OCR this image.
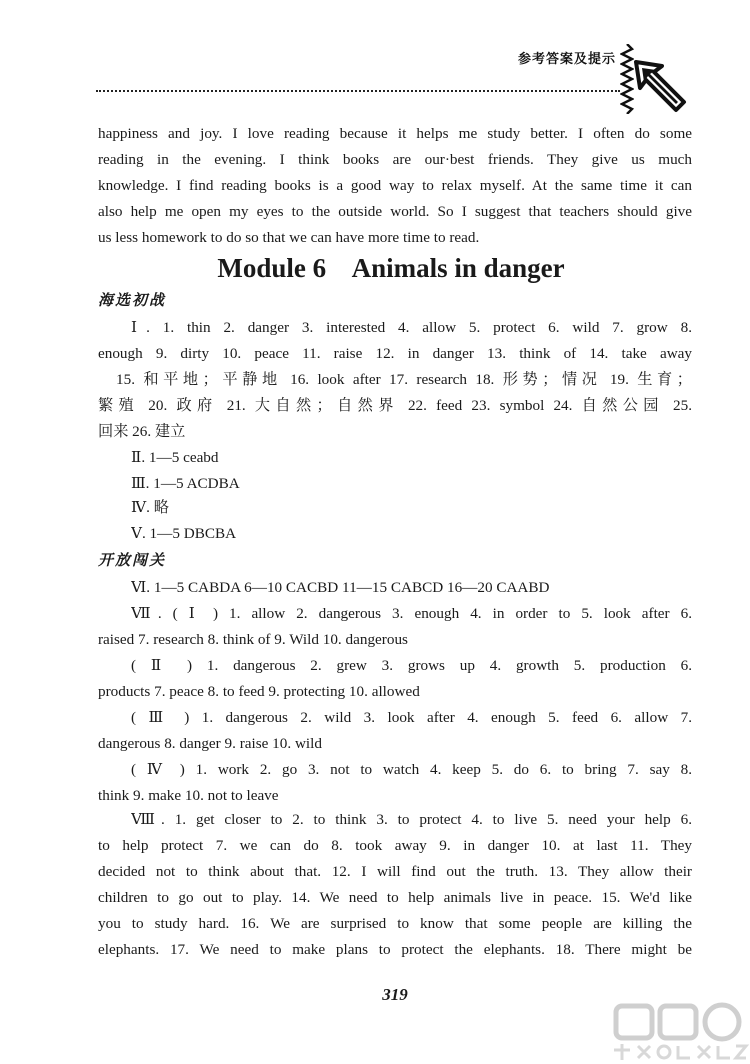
参考答案及提示

happiness and joy. I love reading because it helps me study better. I often do some

reading in the evening. I think books are our·best friends. They give us much

knowledge. I find reading books is a good way to relax myself. At the same time it can

also help me open my eyes to the outside world. So I suggest that teachers should give

us less homework to do so that we can have more time to read.

Module 6    Animals in danger
海选初战

Ⅰ. 1. thin 2. danger 3. interested 4. allow 5. protect 6. wild 7. grow 8.

enough 9. dirty 10. peace 11. raise 12. in danger 13. think of 14. take away

15. 和平地；平静地 16. look after 17. research 18. 形势；情况 19. 生育；

繁殖 20. 政府 21. 大自然；自然界 22. feed 23. symbol 24. 自然公园 25.

回来 26. 建立

Ⅱ. 1—5 ceabd

Ⅲ. 1—5 ACDBA

Ⅳ. 略

Ⅴ. 1—5 DBCBA

开放闯关

Ⅵ. 1—5 CABDA 6—10 CACBD 11—15 CABCD 16—20 CAABD

Ⅶ. ( Ⅰ ) 1. allow 2. dangerous 3. enough 4. in order to 5. look after 6.

raised 7. research 8. think of 9. Wild 10. dangerous

( Ⅱ ) 1. dangerous 2. grew 3. grows up 4. growth 5. production 6.

products 7. peace 8. to feed 9. protecting 10. allowed

( Ⅲ ) 1. dangerous 2. wild 3. look after 4. enough 5. feed 6. allow 7.

dangerous 8. danger 9. raise 10. wild

( Ⅳ ) 1. work 2. go 3. not to watch 4. keep 5. do 6. to bring 7. say 8.

think 9. make 10. not to leave

Ⅷ. 1. get closer to 2. to think 3. to protect 4. to live 5. need your help 6.

to help protect 7. we can do 8. took away 9. in danger 10. at last 11. They

decided not to think about that. 12. I will find out the truth. 13. They allow their

children to go out to play. 14. We need to help animals live in peace. 15. We'd like

you to study hard. 16. We are surprised to know that some people are killing the

elephants. 17. We need to make plans to protect the elephants. 18. There might be

319
